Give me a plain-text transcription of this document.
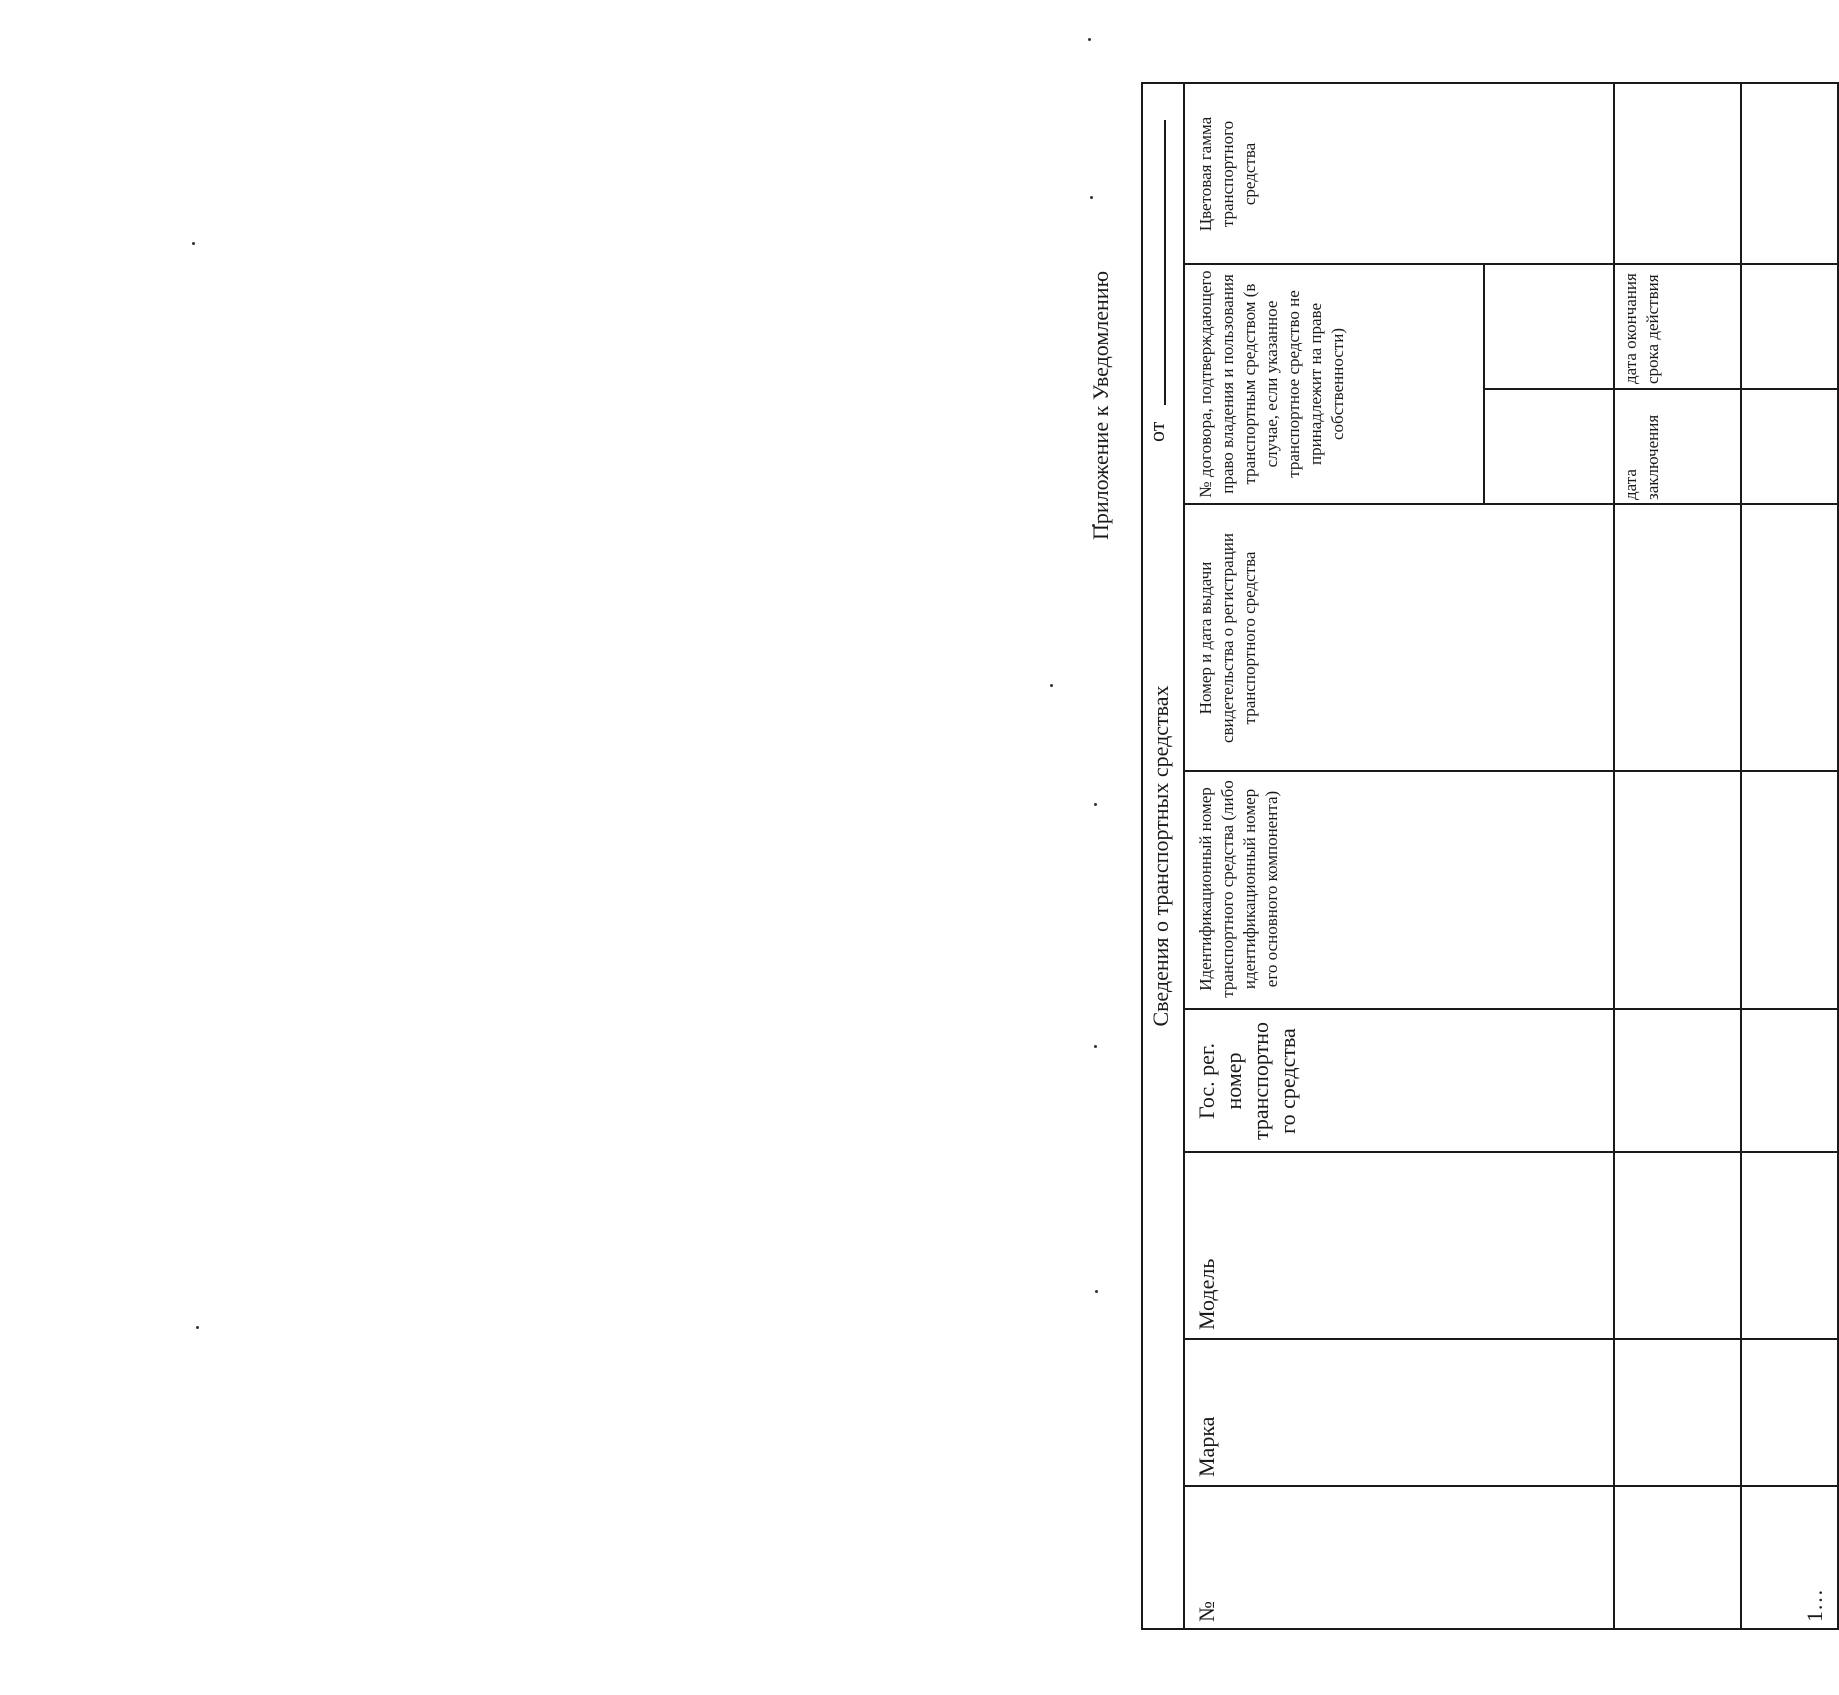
Приложение к Уведомлению от
Сведения о транспортных средствах
№
Марка
Модель
Гос. рег. номер транспортно го средства
Идентификационный номер транспортного средства (либо идентификационный номер его основного компонента)
Номер и дата выдачи свидетельства о регистрации транспортного средства
№ договора, подтверждающего право владения и пользования транспортным средством (в случае, если указанное транспортное средство не принадлежит на праве собственности)
Цветовая гамма транспортного средства
дата заключения
дата окончания срока действия
1…
